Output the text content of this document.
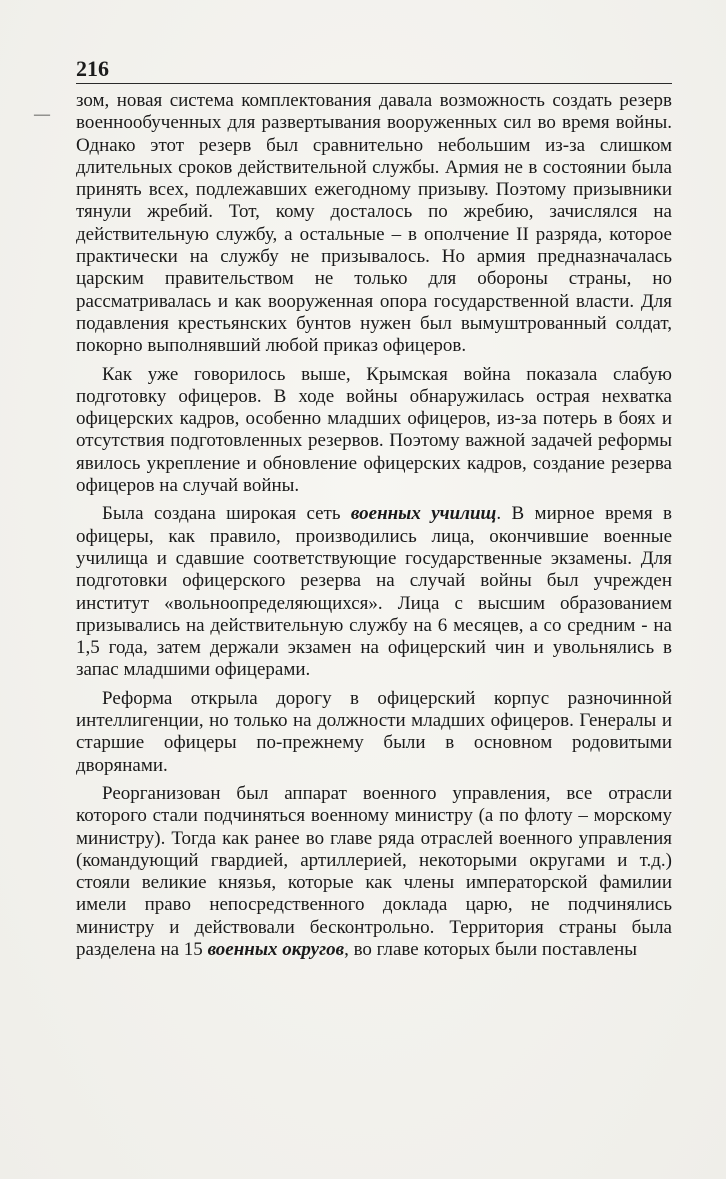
216
—

зом, новая система комплектования давала возможность создать резерв военнообученных для развертывания вооруженных сил во время войны. Однако этот резерв был сравнительно небольшим из-за слишком длительных сроков действительной службы. Армия не в состоянии была принять всех, подлежавших ежегодному призыву. Поэтому призывники тянули жребий. Тот, кому досталось по жребию, зачислялся на действительную службу, а остальные – в ополчение II разряда, которое практически на службу не призывалось. Но армия предназначалась царским правительством не только для обороны страны, но рассматривалась и как вооруженная опора государственной власти. Для подавления крестьянских бунтов нужен был вымуштрованный солдат, покорно выполнявший любой приказ офицеров.

Как уже говорилось выше, Крымская война показала слабую подготовку офицеров. В ходе войны обнаружилась острая нехватка офицерских кадров, особенно младших офицеров, из-за потерь в боях и отсутствия подготовленных резервов. Поэтому важной задачей реформы явилось укрепление и обновление офицерских кадров, создание резерва офицеров на случай войны.

Была создана широкая сеть военных училищ. В мирное время в офицеры, как правило, производились лица, окончившие военные училища и сдавшие соответствующие государственные экзамены. Для подготовки офицерского резерва на случай войны был учрежден институт «вольноопределяющихся». Лица с высшим образованием призывались на действительную службу на 6 месяцев, а со средним - на 1,5 года, затем держали экзамен на офицерский чин и увольнялись в запас младшими офицерами.

Реформа открыла дорогу в офицерский корпус разночинной интеллигенции, но только на должности младших офицеров. Генералы и старшие офицеры по-прежнему были в основном родовитыми дворянами.

Реорганизован был аппарат военного управления, все отрасли которого стали подчиняться военному министру (а по флоту – морскому министру). Тогда как ранее во главе ряда отраслей военного управления (командующий гвардией, артиллерией, некоторыми округами и т.д.) стояли великие князья, которые как члены императорской фамилии имели право непосредственного доклада царю, не подчинялись министру и действовали бесконтрольно. Территория страны была разделена на 15 военных округов, во главе которых были поставлены
